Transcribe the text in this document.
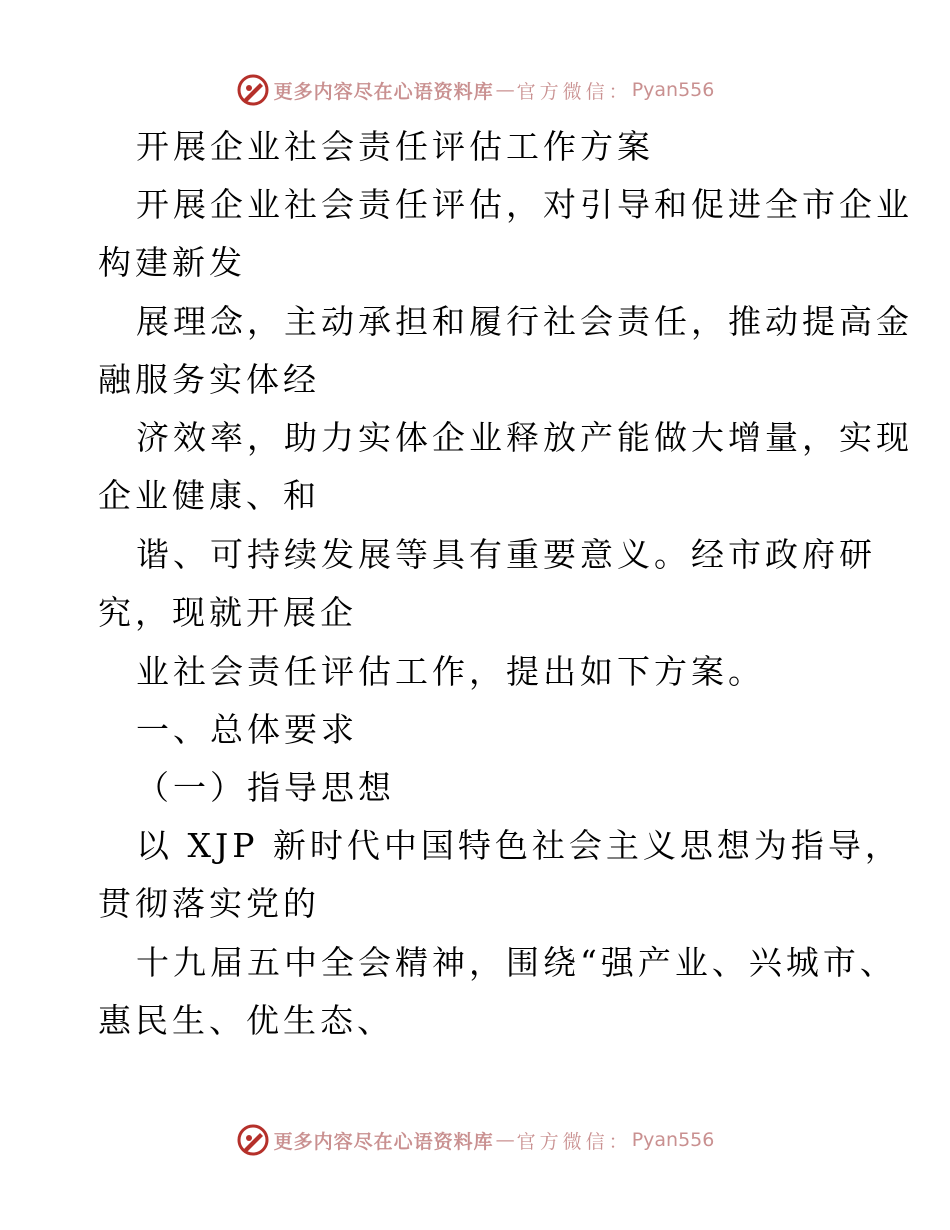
更多内容尽在心语资料库 — 官方微信： Pyan556
开展企业社会责任评估工作方案
开展企业社会责任评估，对引导和促进全市企业
构建新发
展理念，主动承担和履行社会责任，推动提高金
融服务实体经
济效率，助力实体企业释放产能做大增量，实现
企业健康、和
谐、可持续发展等具有重要意义。经市政府研
究，现就开展企
业社会责任评估工作，提出如下方案。
一、总体要求
（一）指导思想
以 XJP 新时代中国特色社会主义思想为指导，
贯彻落实党的
十九届五中全会精神，围绕“强产业、兴城市、
惠民生、优生态、
更多内容尽在心语资料库 — 官方微信： Pyan556
